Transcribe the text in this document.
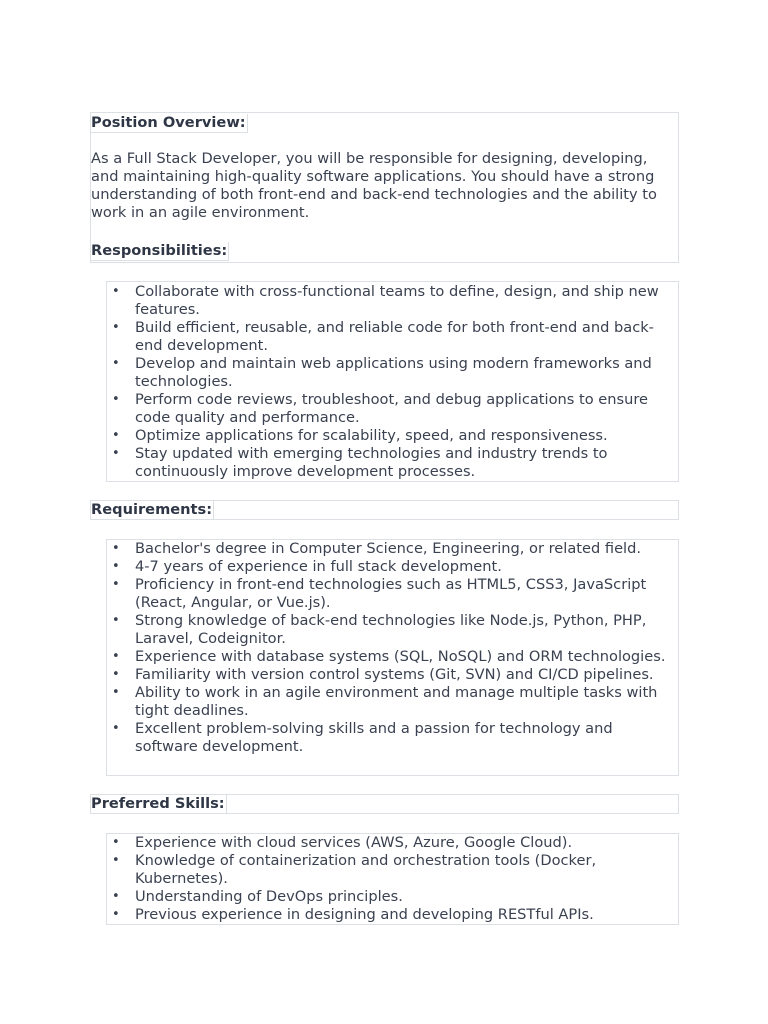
Position Overview:

As a Full Stack Developer, you will be responsible for designing, developing, and maintaining high-quality software applications. You should have a strong understanding of both front-end and back-end technologies and the ability to work in an agile environment.

Responsibilities:
• Collaborate with cross-functional teams to define, design, and ship new features.
• Build efficient, reusable, and reliable code for both front-end and back-end development.
• Develop and maintain web applications using modern frameworks and technologies.
• Perform code reviews, troubleshoot, and debug applications to ensure code quality and performance.
• Optimize applications for scalability, speed, and responsiveness.
• Stay updated with emerging technologies and industry trends to continuously improve development processes.
Requirements:
• Bachelor's degree in Computer Science, Engineering, or related field.
• 4-7 years of experience in full stack development.
• Proficiency in front-end technologies such as HTML5, CSS3, JavaScript (React, Angular, or Vue.js).
• Strong knowledge of back-end technologies like Node.js, Python, PHP, Laravel, Codeignitor.
• Experience with database systems (SQL, NoSQL) and ORM technologies.
• Familiarity with version control systems (Git, SVN) and CI/CD pipelines.
• Ability to work in an agile environment and manage multiple tasks with tight deadlines.
• Excellent problem-solving skills and a passion for technology and software development.
Preferred Skills:
• Experience with cloud services (AWS, Azure, Google Cloud).
• Knowledge of containerization and orchestration tools (Docker, Kubernetes).
• Understanding of DevOps principles.
• Previous experience in designing and developing RESTful APIs.
